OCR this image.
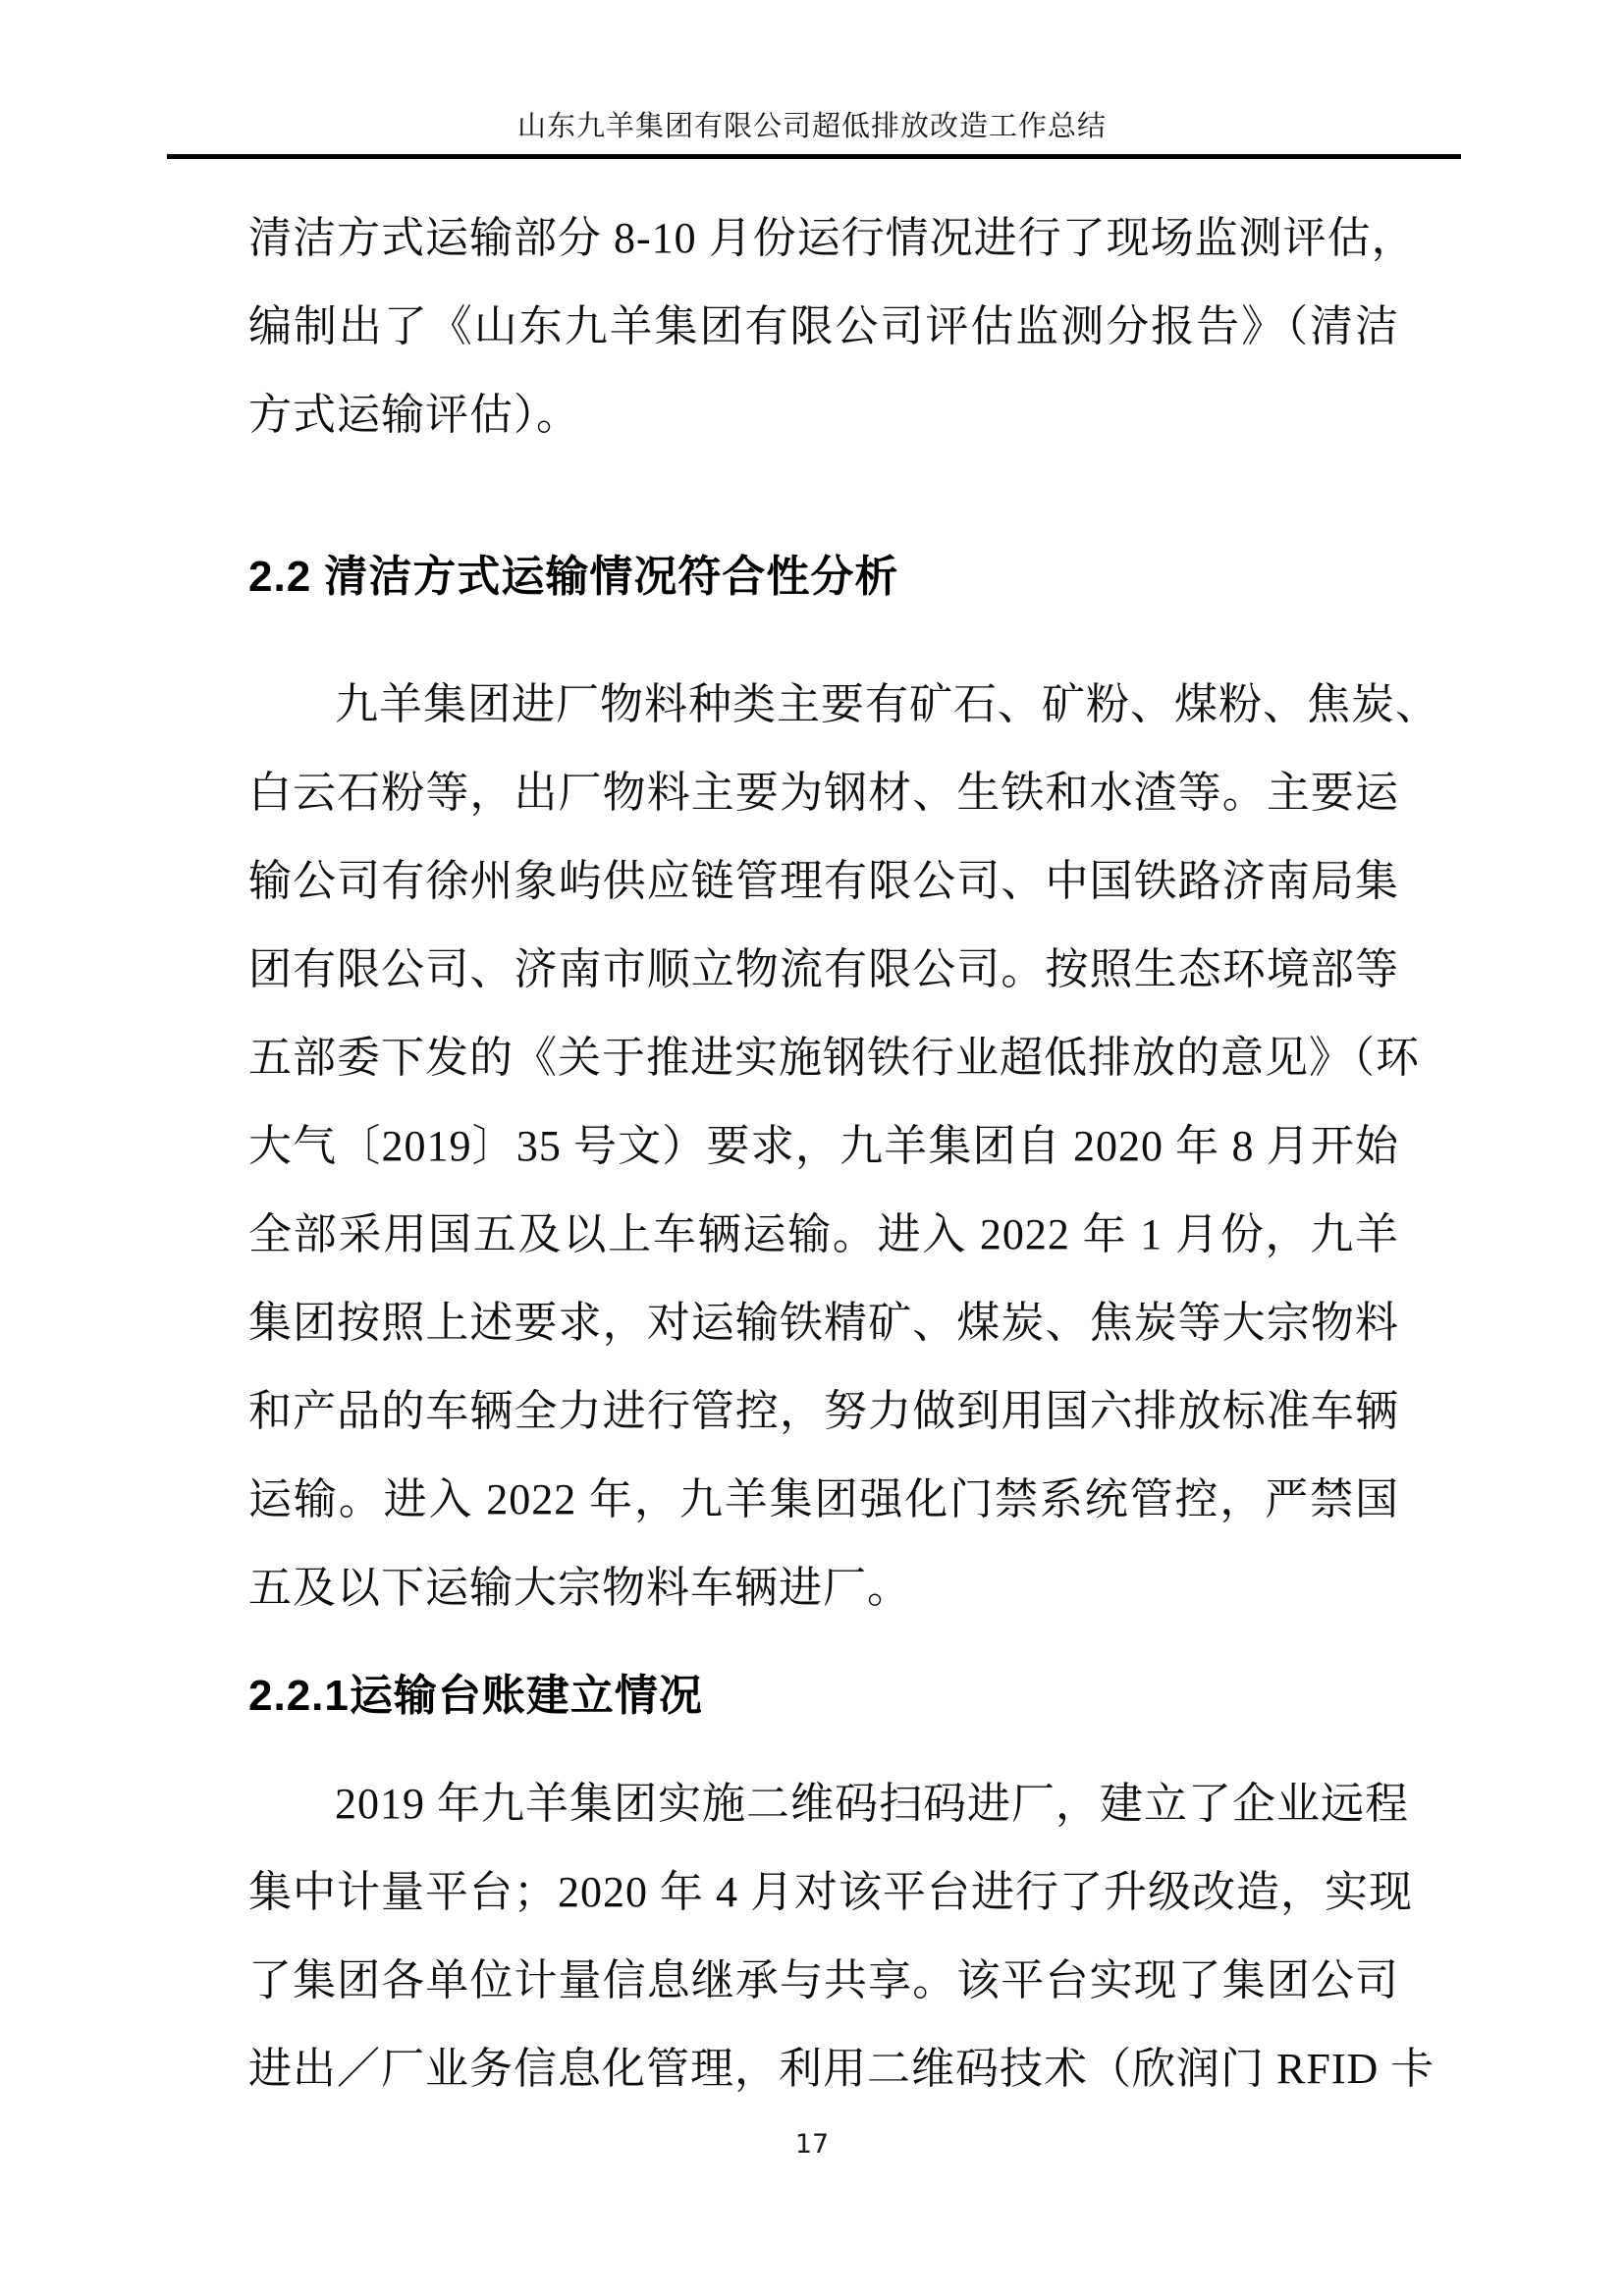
山东九羊集团有限公司超低排放改造工作总结
清洁方式运输部分 8-10 月份运行情况进行了现场监测评估，
编制出了《山东九羊集团有限公司评估监测分报告》（清洁
方式运输评估）。
2.2 清洁方式运输情况符合性分析
九羊集团进厂物料种类主要有矿石、矿粉、煤粉、焦炭、
白云石粉等，出厂物料主要为钢材、生铁和水渣等。主要运
输公司有徐州象屿供应链管理有限公司、中国铁路济南局集
团有限公司、济南市顺立物流有限公司。按照生态环境部等
五部委下发的《关于推进实施钢铁行业超低排放的意见》（环
大气〔2019〕35 号文）要求，九羊集团自 2020 年 8 月开始
全部采用国五及以上车辆运输。进入 2022 年 1 月份，九羊
集团按照上述要求，对运输铁精矿、煤炭、焦炭等大宗物料
和产品的车辆全力进行管控，努力做到用国六排放标准车辆
运输。进入 2022 年，九羊集团强化门禁系统管控，严禁国
五及以下运输大宗物料车辆进厂。
2.2.1运输台账建立情况
2019 年九羊集团实施二维码扫码进厂，建立了企业远程
集中计量平台；2020 年 4 月对该平台进行了升级改造，实现
了集团各单位计量信息继承与共享。该平台实现了集团公司
进出／厂业务信息化管理，利用二维码技术（欣润门 RFID 卡
17
